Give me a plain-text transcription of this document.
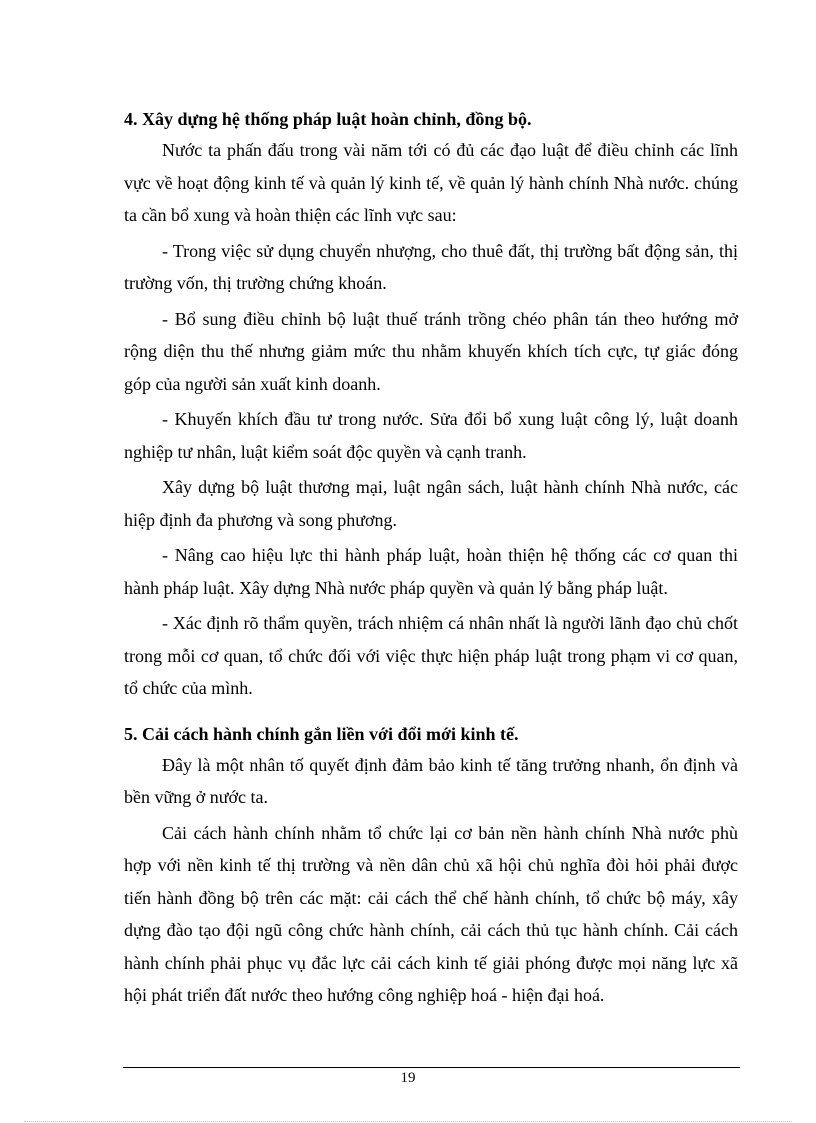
4. Xây dựng hệ thống pháp luật hoàn chỉnh, đồng bộ.

Nước ta phấn đấu trong vài năm tới có đủ các đạo luật để điều chỉnh các lĩnh vực về hoạt động kinh tế và quản lý kinh tế, về quản lý hành chính Nhà nước. chúng ta cần bổ xung và hoàn thiện các lĩnh vực sau:

- Trong việc sử dụng chuyển nhượng, cho thuê đất, thị trường bất động sản, thị trường vốn, thị trường chứng khoán.

- Bổ sung điều chỉnh bộ luật thuế tránh trồng chéo phân tán theo hướng mở rộng diện thu thế nhưng giảm mức thu nhằm khuyến khích tích cực, tự giác đóng góp của người sản xuất kinh doanh.

- Khuyến khích đầu tư trong nước. Sửa đổi bổ xung luật công lý, luật doanh nghiệp tư nhân, luật kiểm soát độc quyền và cạnh tranh.

Xây dựng bộ luật thương mại, luật ngân sách, luật hành chính Nhà nước, các hiệp định đa phương và song phương.

- Nâng cao hiệu lực thi hành pháp luật, hoàn thiện hệ thống các cơ quan thi hành pháp luật. Xây dựng Nhà nước pháp quyền và quản lý bằng pháp luật.

- Xác định rõ thẩm quyền, trách nhiệm cá nhân nhất là người lãnh đạo chủ chốt trong mỗi cơ quan, tổ chức đối với việc thực hiện pháp luật trong phạm vi cơ quan, tổ chức của mình.

5. Cải cách hành chính gắn liền với đổi mới kinh tế.

Đây là một nhân tố quyết định đảm bảo kinh tế tăng trưởng nhanh, ổn định và bền vững ở nước ta.

Cải cách hành chính nhằm tổ chức lại cơ bản nền hành chính Nhà nước phù hợp với nền kinh tế thị trường và nền dân chủ xã hội chủ nghĩa đòi hỏi phải được tiến hành đồng bộ trên các mặt: cải cách thể chế hành chính, tổ chức bộ máy, xây dựng đào tạo đội ngũ công chức hành chính, cải cách thủ tục hành chính. Cải cách hành chính phải phục vụ đắc lực cải cách kinh tế giải phóng được mọi năng lực xã hội phát triển đất nước theo hướng công nghiệp hoá - hiện đại hoá.

19
